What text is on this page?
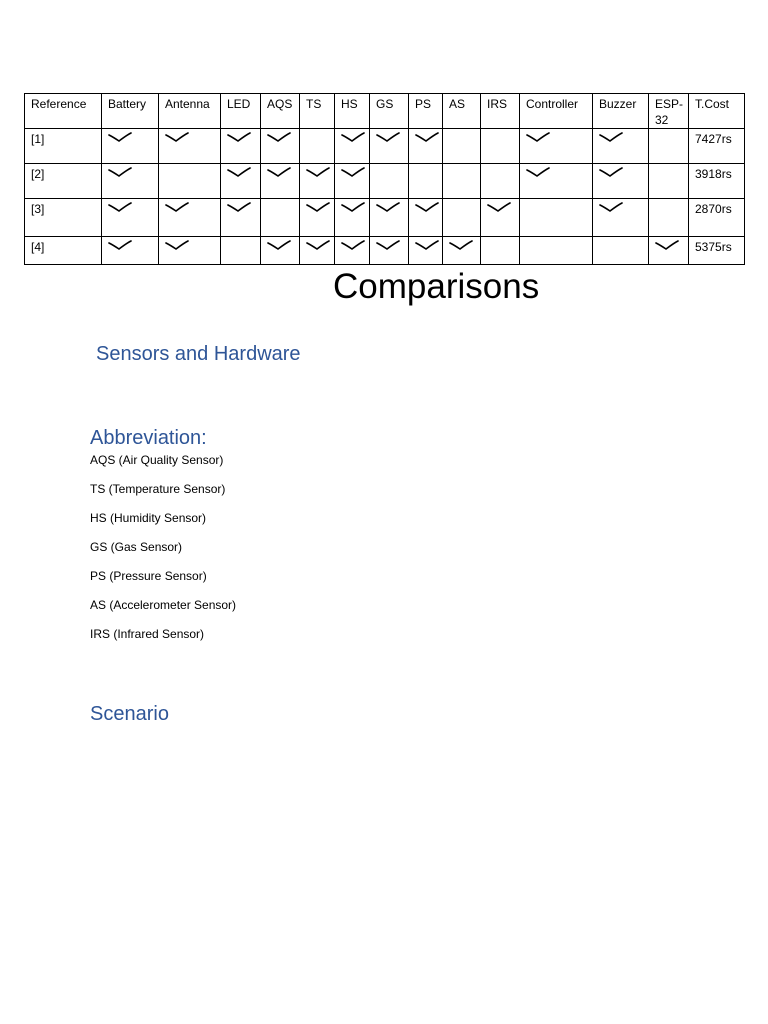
Reference	Battery	Antenna	LED	AQS	TS	HS	GS	PS	AS	IRS	Controller	Buzzer	ESP-32	T.Cost
[1]														7427rs
[2]														3918rs
[3]														2870rs
[4]														5375rs
Comparisons
Sensors and Hardware
Abbreviation:
AQS (Air Quality Sensor)
TS (Temperature Sensor)
HS (Humidity Sensor)
GS (Gas Sensor)
PS (Pressure Sensor)
AS (Accelerometer Sensor)
IRS (Infrared Sensor)
Scenario
